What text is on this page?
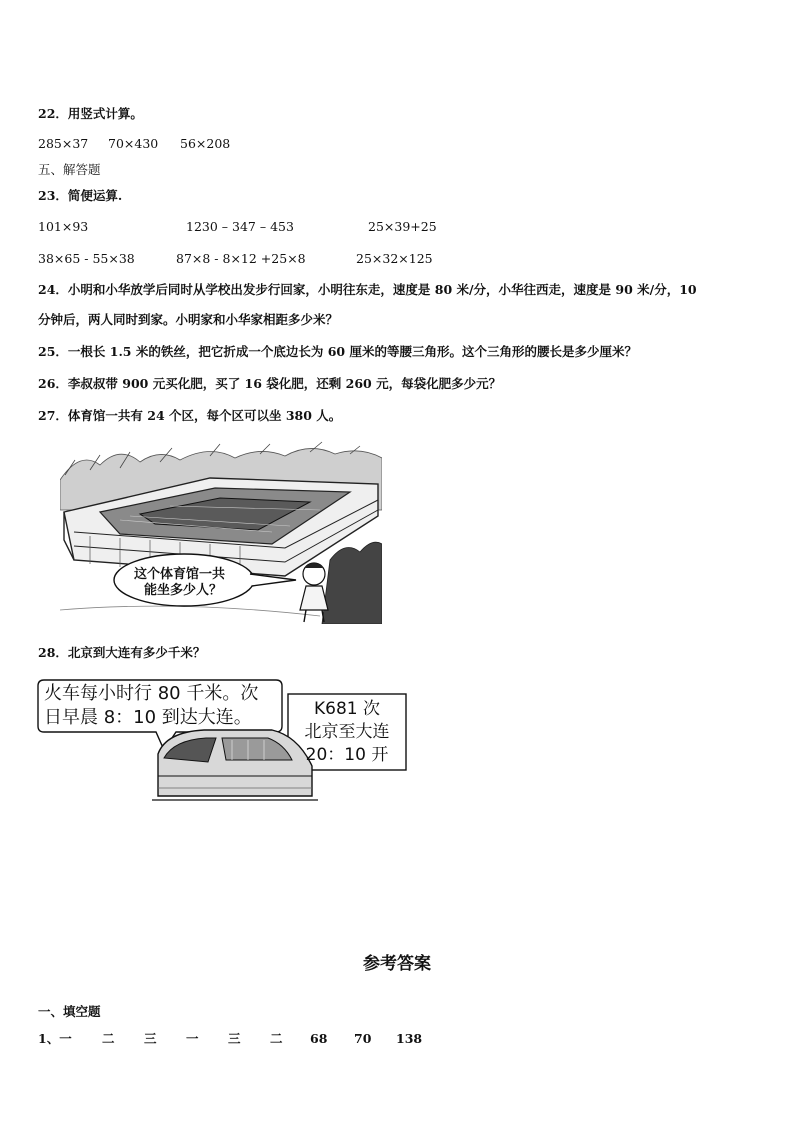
22．用竖式计算。
285×37 70×430 56×208
五、解答题
23．简便运算.
101×93	1230 – 347 – 453	25×39+25
38×65 - 55×38	87×8 - 8×12 +25×8	25×32×125
24．小明和小华放学后同时从学校出发步行回家，小明往东走，速度是 80 米/分，小华往西走，速度是 90 米/分，10
分钟后，两人同时到家。小明家和小华家相距多少米？
25．一根长 1.5 米的铁丝，把它折成一个底边长为 60 厘米的等腰三角形。这个三角形的腰长是多少厘米？
26．李叔叔带 900 元买化肥，买了 16 袋化肥，还剩 260 元，每袋化肥多少元？
27．体育馆一共有 24 个区，每个区可以坐 380 人。
这个体育馆一共
能坐多少人？
28．北京到大连有多少千米？
火车每小时行 80 千米。次
日早晨 8：10 到达大连。	K681 次
北京至大连
20：10 开
参考答案
一、填空题
1、一 二 三 一 三 二 68 70 138
